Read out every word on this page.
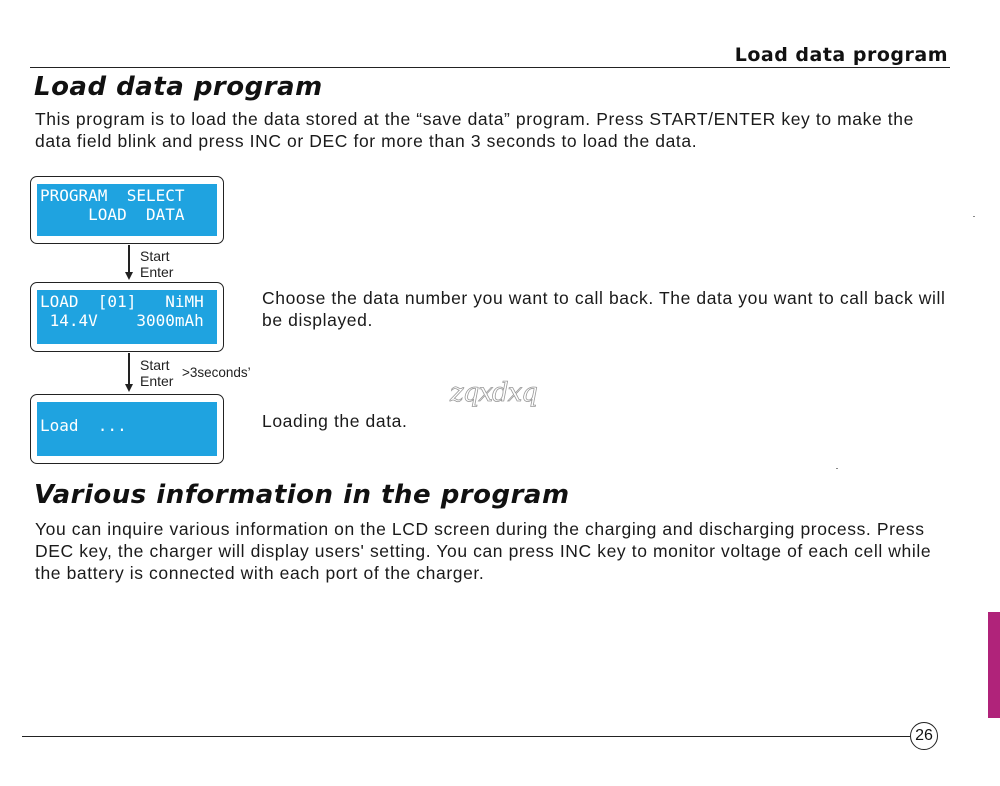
Load data program
Load data program
This program is to load the data stored at the “save data” program. Press START/ENTER key to make the data field blink and press INC or DEC for more than 3 seconds to load the data.
PROGRAM  SELECT
LOAD  DATA
Start
Enter
LOAD  [01]   NiMH
14.4V    3000mAh
Choose the data number you want to call back. The data you want to call back will be displayed.
Start
Enter
>3seconds’
Load  ...	Loading the data.
zqxdxq
Various information in the program
You can inquire various information on the LCD screen during the charging and discharging process. Press DEC key, the charger will display users' setting. You can press INC key to monitor voltage of each cell while the battery is connected with each port of the charger.
26
